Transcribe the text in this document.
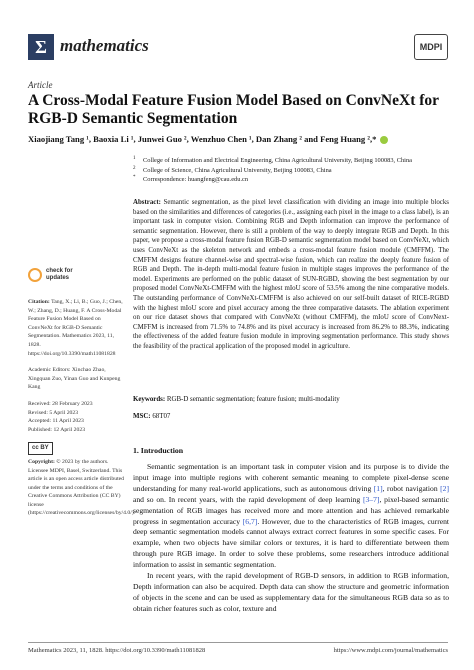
Σ mathematics	MDPI
Article
A Cross-Modal Feature Fusion Model Based on ConvNeXt for RGB-D Semantic Segmentation
Xiaojiang Tang ¹, Baoxia Li ¹, Junwei Guo ², Wenzhuo Chen ¹, Dan Zhang ² and Feng Huang ²,*
1 College of Information and Electrical Engineering, China Agricultural University, Beijing 100083, China
2 College of Science, China Agricultural University, Beijing 100083, China
* Correspondence: huangfeng@cau.edu.cn

Abstract: Semantic segmentation, as the pixel level classification with dividing an image into multiple blocks based on the similarities and differences of categories (i.e., assigning each pixel in the image to a class label), is an important task in computer vision. Combining RGB and Depth information can improve the performance of semantic segmentation. However, there is still a problem of the way to deeply integrate RGB and Depth. In this paper, we propose a cross-modal feature fusion RGB-D semantic segmentation model based on ConvNeXt, which uses ConvNeXt as the skeleton network and embeds a cross-modal feature fusion module (CMFFM). The CMFFM designs feature channel-wise and spectral-wise fusion, which can realize the deeply feature fusion of RGB and Depth. The in-depth multi-modal feature fusion in multiple stages improves the performance of the model. Experiments are performed on the public dataset of SUN-RGBD, showing the best segmentation by our proposed model ConvNeXt-CMFFM with the highest mIoU score of 53.5% among the nine comparative models. The outstanding performance of ConvNeXt-CMFFM is also achieved on our self-built dataset of RICE-RGBD with the highest mIoU score and pixel accuracy among the three comparative datasets. The ablation experiment on our rice dataset shows that compared with ConvNeXt (without CMFFM), the mIoU score of ConvNext-CMFFM is increased from 71.5% to 74.8% and its pixel accuracy is increased from 86.2% to 88.3%, indicating the effectiveness of the added feature fusion module in improving segmentation performance. This study shows the feasibility of the practical application of the proposed model in agriculture.

Keywords: RGB-D semantic segmentation; feature fusion; multi-modality
MSC: 68T07
check for
updates

Citation: Tang, X.; Li, B.; Guo, J.; Chen, W.; Zhang, D.; Huang, F. A Cross-Modal Feature Fusion Model Based on ConvNeXt for RGB-D Semantic Segmentation. Mathematics 2023, 11, 1828. https://doi.org/10.3390/math11081828

Academic Editors: Xinchao Zhao, Xingquan Zuo, Yinan Guo and Kunpeng Kang

Received: 28 February 2023
Revised: 5 April 2023
Accepted: 11 April 2023
Published: 12 April 2023

cc BY

Copyright: © 2023 by the authors. Licensee MDPI, Basel, Switzerland. This article is an open access article distributed under the terms and conditions of the Creative Commons Attribution (CC BY) license (https://creativecommons.org/licenses/by/4.0/).

1. Introduction

Semantic segmentation is an important task in computer vision and its purpose is to divide the input image into multiple regions with coherent semantic meaning to complete pixel-dense scene understanding for many real-world applications, such as autonomous driving [1], robot navigation [2] and so on. In recent years, with the rapid development of deep learning [3–7], pixel-based semantic segmentation of RGB images has received more and more attention and has achieved remarkable progress in segmentation accuracy [6,7]. However, due to the characteristics of RGB images, current deep semantic segmentation models cannot always extract correct features in some specific cases. For example, when two objects have similar colors or textures, it is hard to differentiate between them through pure RGB image. In order to solve these problems, some researchers introduce additional information to assist in semantic segmentation.

In recent years, with the rapid development of RGB-D sensors, in addition to RGB information, Depth information can also be acquired. Depth data can show the structure and geometric information of objects in the scene and can be used as supplementary data for the simultaneous RGB data so as to obtain richer features such as color, texture and

Mathematics 2023, 11, 1828. https://doi.org/10.3390/math11081828	https://www.mdpi.com/journal/mathematics
